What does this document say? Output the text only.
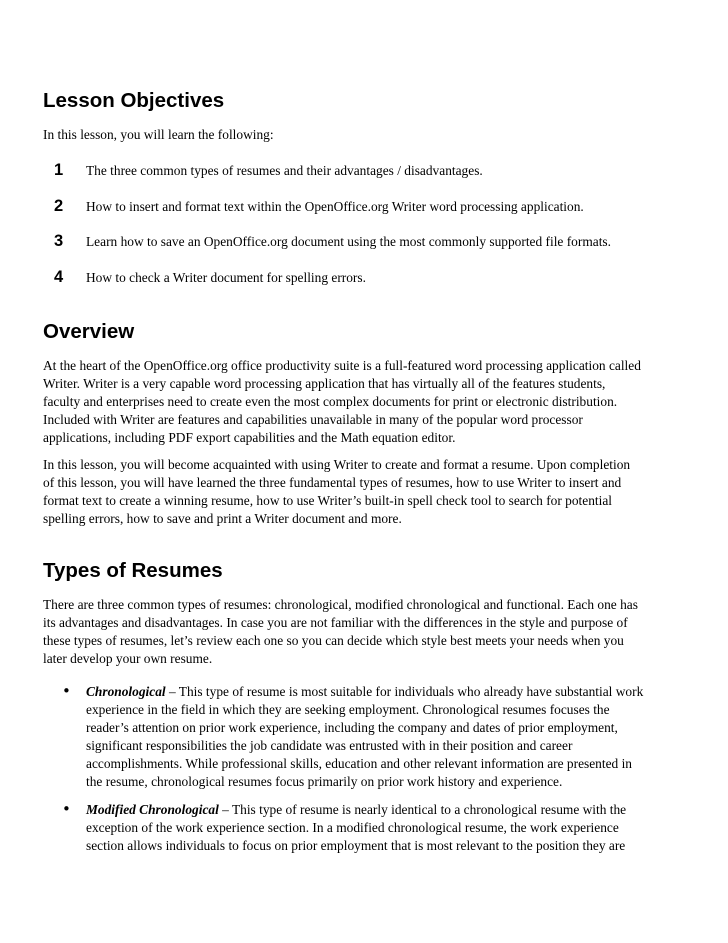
Lesson Objectives

In this lesson, you will learn the following:

1 The three common types of resumes and their advantages / disadvantages.
2 How to insert and format text within the OpenOffice.org Writer word processing application.
3 Learn how to save an OpenOffice.org document using the most commonly supported file formats.
4 How to check a Writer document for spelling errors.
Overview

At the heart of the OpenOffice.org office productivity suite is a full-featured word processing application called
Writer. Writer is a very capable word processing application that has virtually all of the features students,
faculty and enterprises need to create even the most complex documents for print or electronic distribution.
Included with Writer are features and capabilities unavailable in many of the popular word processor
applications, including PDF export capabilities and the Math equation editor.

In this lesson, you will become acquainted with using Writer to create and format a resume. Upon completion
of this lesson, you will have learned the three fundamental types of resumes, how to use Writer to insert and
format text to create a winning resume, how to use Writer’s built-in spell check tool to search for potential
spelling errors, how to save and print a Writer document and more.

Types of Resumes

There are three common types of resumes: chronological, modified chronological and functional. Each one has
its advantages and disadvantages. In case you are not familiar with the differences in the style and purpose of
these types of resumes, let’s review each one so you can decide which style best meets your needs when you
later develop your own resume.

• Chronological – This type of resume is most suitable for individuals who already have substantial work
experience in the field in which they are seeking employment. Chronological resumes focuses the
reader’s attention on prior work experience, including the company and dates of prior employment,
significant responsibilities the job candidate was entrusted with in their position and career
accomplishments. While professional skills, education and other relevant information are presented in
the resume, chronological resumes focus primarily on prior work history and experience.

• Modified Chronological – This type of resume is nearly identical to a chronological resume with the
exception of the work experience section. In a modified chronological resume, the work experience
section allows individuals to focus on prior employment that is most relevant to the position they are
